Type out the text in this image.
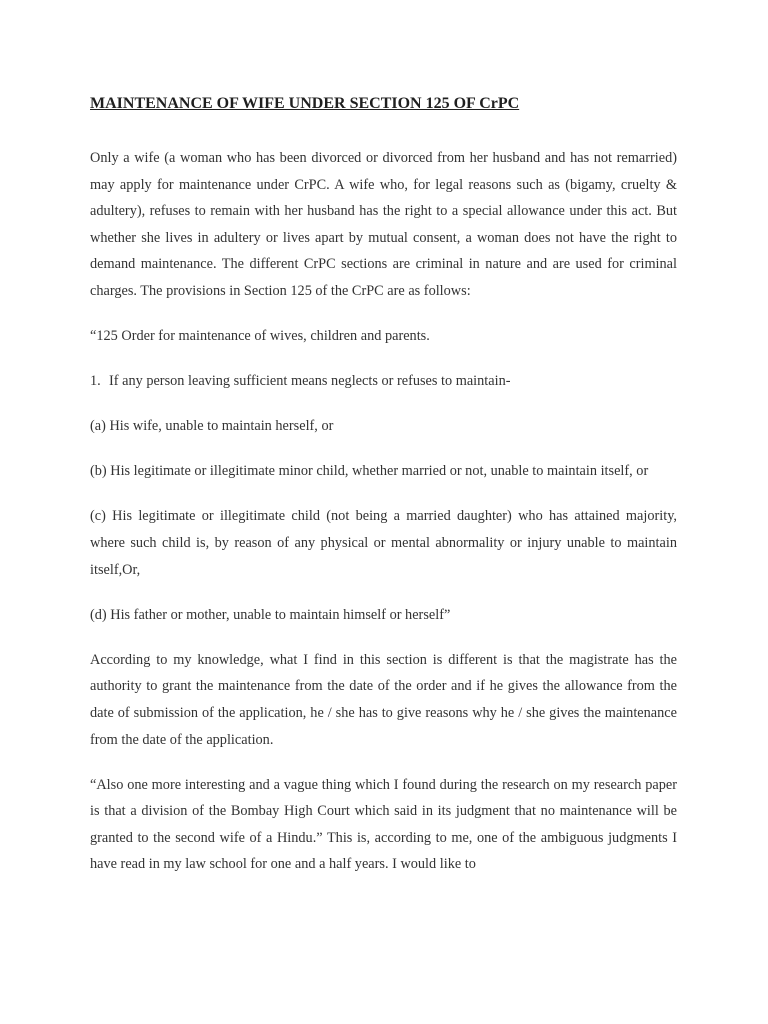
MAINTENANCE OF WIFE UNDER SECTION 125 OF CrPC

Only a wife (a woman who has been divorced or divorced from her husband and has not remarried) may apply for maintenance under CrPC. A wife who, for legal reasons such as (bigamy, cruelty & adultery), refuses to remain with her husband has the right to a special allowance under this act. But whether she lives in adultery or lives apart by mutual consent, a woman does not have the right to demand maintenance. The different CrPC sections are criminal in nature and are used for criminal charges. The provisions in Section 125 of the CrPC are as follows:

“125 Order for maintenance of wives, children and parents.

1. If any person leaving sufficient means neglects or refuses to maintain-

(a) His wife, unable to maintain herself, or

(b) His legitimate or illegitimate minor child, whether married or not, unable to maintain itself, or

(c) His legitimate or illegitimate child (not being a married daughter) who has attained majority, where such child is, by reason of any physical or mental abnormality or injury unable to maintain itself,Or,

(d) His father or mother, unable to maintain himself or herself”

According to my knowledge, what I find in this section is different is that the magistrate has the authority to grant the maintenance from the date of the order and if he gives the allowance from the date of submission of the application, he / she has to give reasons why he / she gives the maintenance from the date of the application.

“Also one more interesting and a vague thing which I found during the research on my research paper is that a division of the Bombay High Court which said in its judgment that no maintenance will be granted to the second wife of a Hindu.” This is, according to me, one of the ambiguous judgments I have read in my law school for one and a half years. I would like to
